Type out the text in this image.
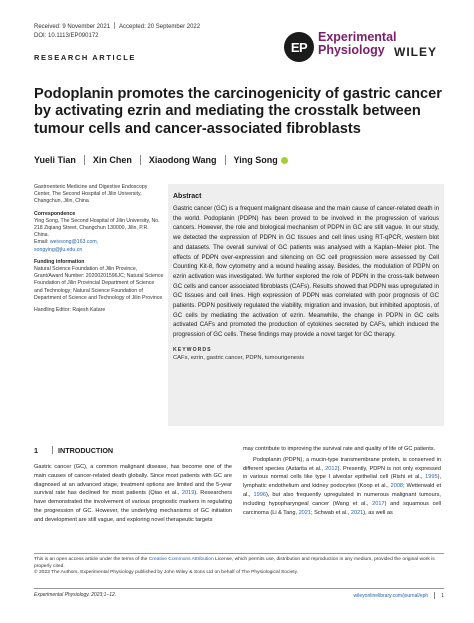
Received: 9 November 2021 Accepted: 20 September 2022
DOI: 10.1113/EP090172
RESEARCH ARTICLE
EP
Experimental
Physiology WILEY
Podoplanin promotes the carcinogenicity of gastric cancer by activating ezrin and mediating the crosstalk between tumour cells and cancer-associated fibroblasts
Yueli Tian Xin Chen Xiaodong Wang Ying Song

Gastroenteric Medicine and Digestive Endoscopy Center, The Second Hospital of Jilin University, Changchun, Jilin, China

Correspondence
Ying Song, The Second Hospital of Jilin University, No. 218 Ziqiang Street, Changchun 130000, Jilin, P.R. China.
Email: weivsong@163.com,
songying@jlu.edu.cn

Funding information
Natural Science Foundation of Jilin Province, Grant/Award Number: 20200201596JC; Natural Science Foundation of Jilin Provincial Department of Science and Technology; Natural Science Foundation of Department of Science and Technology of Jilin Province

Handling Editor: Rajesh Katare

Abstract
Gastric cancer (GC) is a frequent malignant disease and the main cause of cancer-related death in the world. Podoplanin (PDPN) has been proved to be involved in the progression of various cancers. However, the role and biological mechanism of PDPN in GC are still vague. In our study, we detected the expression of PDPN in GC tissues and cell lines using RT-qPCR, western blot and datasets. The overall survival of GC patients was analysed with a Kaplan–Meier plot. The effects of PDPN over-expression and silencing on GC cell progression were assessed by Cell Counting Kit-8, flow cytometry and a wound healing assay. Besides, the modulation of PDPN on ezrin activation was investigated. We further explored the role of PDPN in the cross-talk between GC cells and cancer associated fibroblasts (CAFs). Results showed that PDPN was upregulated in GC tissues and cell lines. High expression of PDPN was correlated with poor prognosis of GC patients. PDPN positively regulated the viability, migration and invasion, but inhibited apoptosis, of GC cells by mediating the activation of ezrin. Meanwhile, the change in PDPN in GC cells activated CAFs and promoted the production of cytokines secreted by CAFs, which induced the progression of GC cells. These findings may provide a novel target for GC therapy.
KEYWORDS
CAFs, ezrin, gastric cancer, PDPN, tumourigenesis
1	INTRODUCTION
Gastric cancer (GC), a common malignant disease, has become one of the main causes of cancer-related death globally. Since most patients with GC are diagnosed at an advanced stage, treatment options are limited and the 5-year survival rate has declined for most patients (Qiao et al., 2019). Researchers have demonstrated the involvement of various prognostic markers in regulating the progression of GC. However, the underlying mechanisms of GC initiation and development are still vague, and exploring novel therapeutic targets
may contribute to improving the survival rate and quality of life of GC patients.
Podoplanin (PDPN), a mucin-type transmembrane protein, is conserved in different species (Astarita et al., 2012). Presently, PDPN is not only expressed in various normal cells like type I alveolar epithelial cell (Rishi et al., 1995), lymphatic endothelium and kidney podocytes (Koop et al., 2008; Wetterwald et al., 1996), but also frequently upregulated in numerous malignant tumours, including hypopharyngeal cancer (Wang et al., 2017) and squamous cell carcinoma (Li & Tang, 2021; Schwab et al., 2021), as well as
This is an open access article under the terms of the Creative Commons Attribution License, which permits use, distribution and reproduction in any medium, provided the original work is properly cited.
© 2023 The Authors. Experimental Physiology published by John Wiley & Sons Ltd on behalf of The Physiological Society.
Experimental Physiology. 2023;1–12.	wileyonlinelibrary.com/journal/eph	1
